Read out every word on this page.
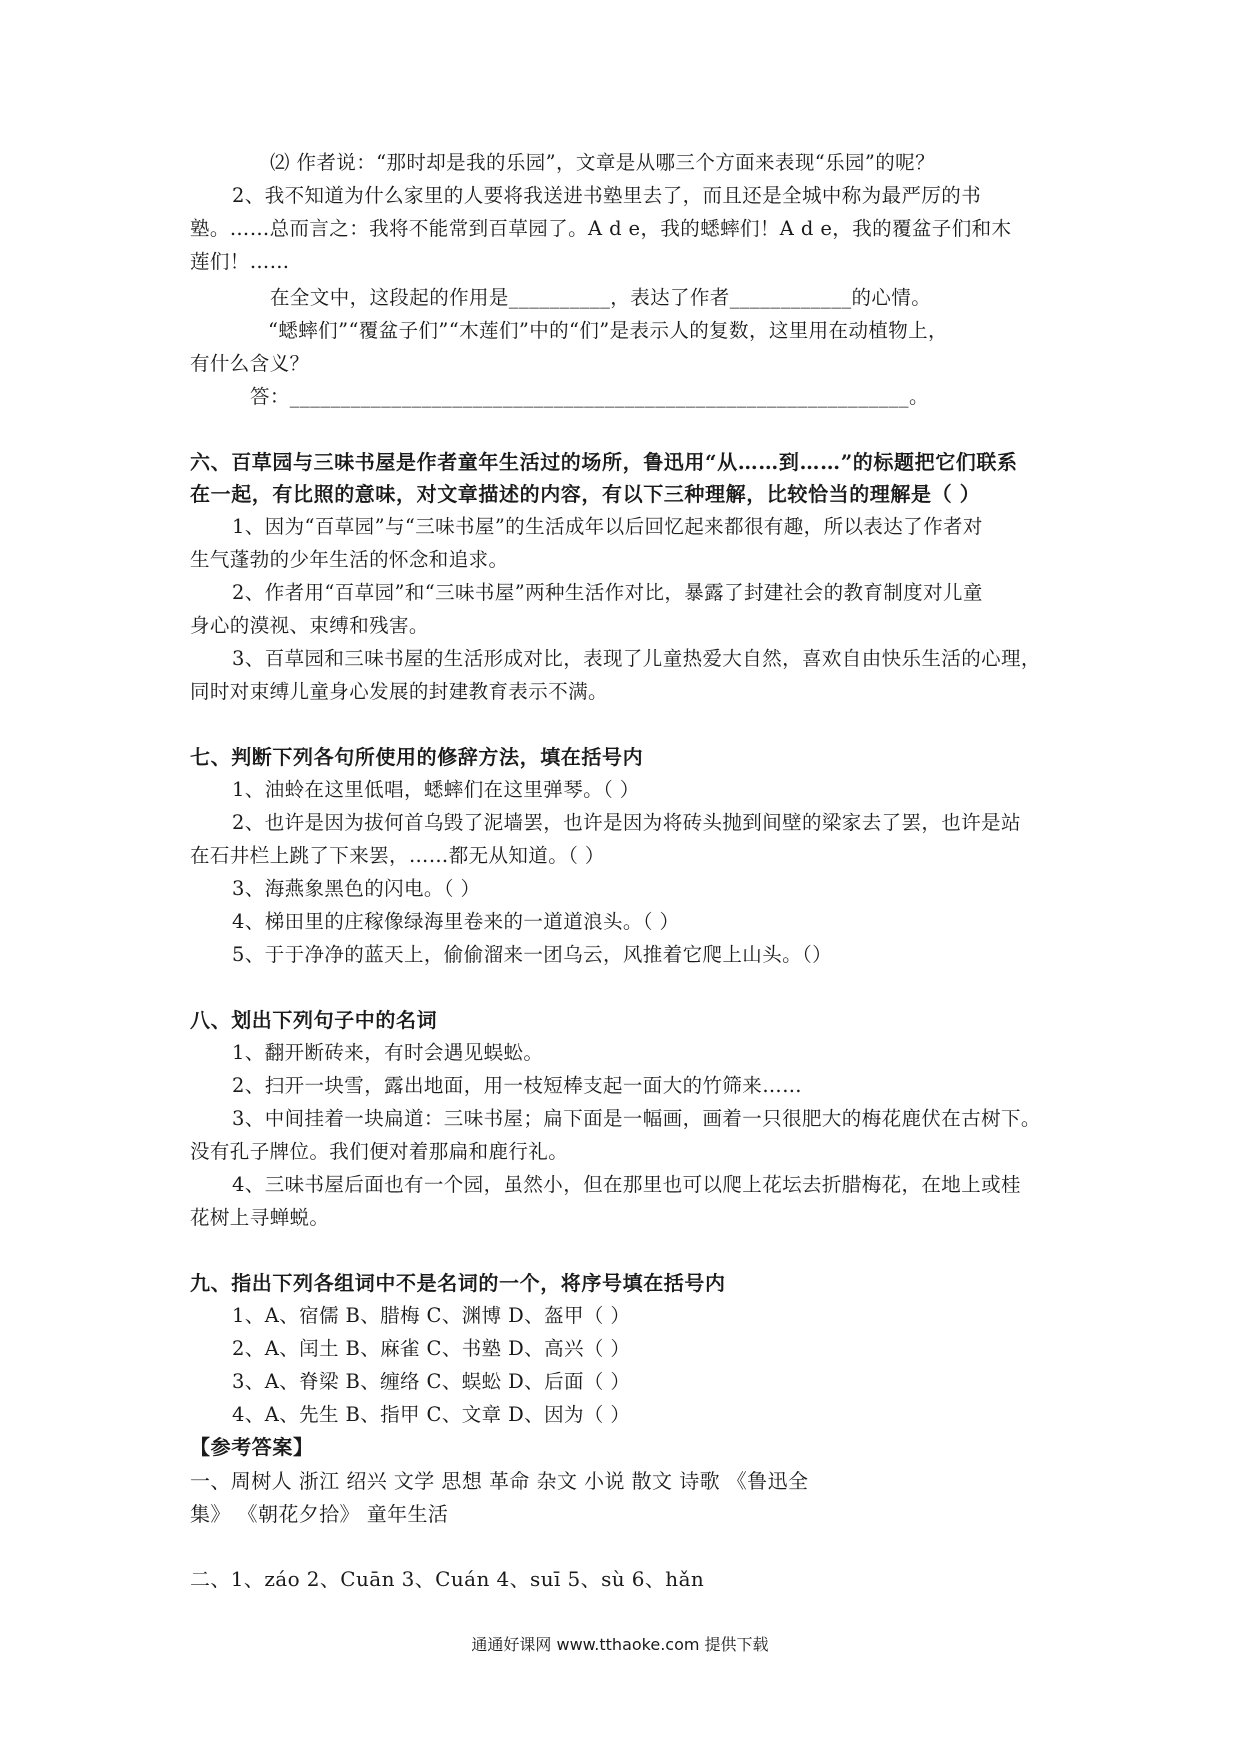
⑵ 作者说：“那时却是我的乐园”，文章是从哪三个方面来表现“乐园”的呢？
2、我不知道为什么家里的人要将我送进书塾里去了，而且还是全城中称为最严厉的书
塾。……总而言之：我将不能常到百草园了。A d e，我的蟋蟀们！A d e，我的覆盆子们和木
莲们！……
在全文中，这段起的作用是__________，表达了作者____________的心情。
“蟋蟀们”“覆盆子们”“木莲们”中的“们”是表示人的复数，这里用在动植物上，
有什么含义？
答：_____________________________________________________________。
六、百草园与三味书屋是作者童年生活过的场所，鲁迅用“从……到……”的标题把它们联系
在一起，有比照的意味，对文章描述的内容，有以下三种理解，比较恰当的理解是（ ）
1、因为“百草园”与“三味书屋”的生活成年以后回忆起来都很有趣，所以表达了作者对
生气蓬勃的少年生活的怀念和追求。
2、作者用“百草园”和“三味书屋”两种生活作对比，暴露了封建社会的教育制度对儿童
身心的漠视、束缚和残害。
3、百草园和三味书屋的生活形成对比，表现了儿童热爱大自然，喜欢自由快乐生活的心理，
同时对束缚儿童身心发展的封建教育表示不满。
七、判断下列各句所使用的修辞方法，填在括号内
1、油蛉在这里低唱，蟋蟀们在这里弹琴。（ ）
2、也许是因为拔何首乌毁了泥墙罢，也许是因为将砖头抛到间壁的梁家去了罢，也许是站
在石井栏上跳了下来罢，……都无从知道。（ ）
3、海燕象黑色的闪电。（ ）
4、梯田里的庄稼像绿海里卷来的一道道浪头。（ ）
5、于于净净的蓝天上，偷偷溜来一团乌云，风推着它爬上山头。（）
八、划出下列句子中的名词
1、翻开断砖来，有时会遇见蜈蚣。
2、扫开一块雪，露出地面，用一枝短棒支起一面大的竹筛来……
3、中间挂着一块扁道：三味书屋；扁下面是一幅画，画着一只很肥大的梅花鹿伏在古树下。
没有孔子牌位。我们便对着那扁和鹿行礼。
4、三味书屋后面也有一个园，虽然小，但在那里也可以爬上花坛去折腊梅花，在地上或桂
花树上寻蝉蜕。
九、指出下列各组词中不是名词的一个，将序号填在括号内
1、A、宿儒 B、腊梅 C、渊博 D、盔甲（ ）
2、A、闰土 B、麻雀 C、书塾 D、高兴（ ）
3、A、脊梁 B、缠络 C、蜈蚣 D、后面（ ）
4、A、先生 B、指甲 C、文章 D、因为（ ）
【参考答案】
一、周树人 浙江 绍兴 文学 思想 革命 杂文 小说 散文 诗歌 《鲁迅全
集》 《朝花夕拾》 童年生活
二、1、záo 2、Cuān 3、Cuán 4、suī 5、sù 6、hǎn
通通好课网 www.tthaoke.com 提供下载
